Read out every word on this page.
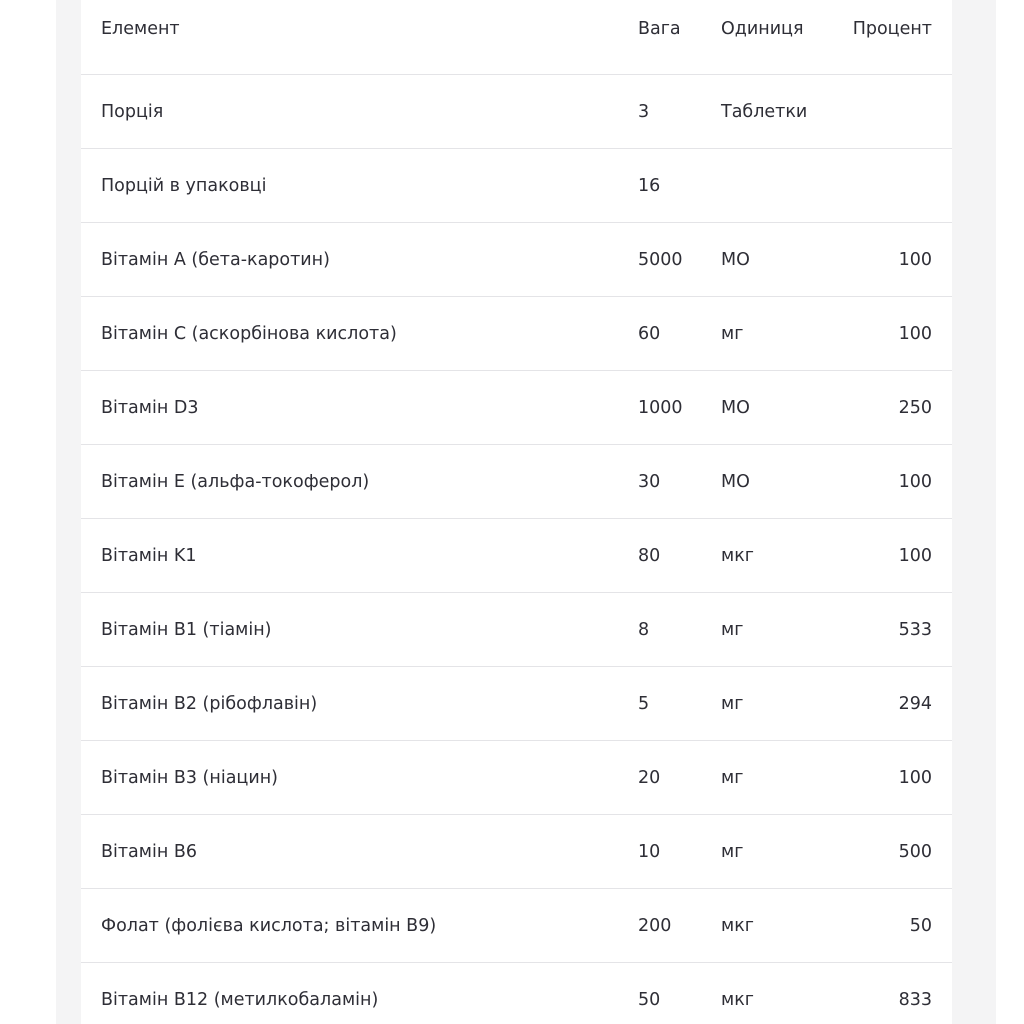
Елемент	Вага	Одиниця	Процент
Порція	3	Таблетки	
Порцій в упаковці	16		
Вітамін A (бета-каротин)	5000	МО	100
Вітамін C (аскорбінова кислота)	60	мг	100
Вітамін D3	1000	МО	250
Вітамін E (альфа-токоферол)	30	МО	100
Вітамін K1	80	мкг	100
Вітамін B1 (тіамін)	8	мг	533
Вітамін B2 (рібофлавін)	5	мг	294
Вітамін B3 (ніацин)	20	мг	100
Вітамін B6	10	мг	500
Фолат (фолієва кислота; вітамін B9)	200	мкг	50
Вітамін B12 (метилкобаламін)	50	мкг	833
